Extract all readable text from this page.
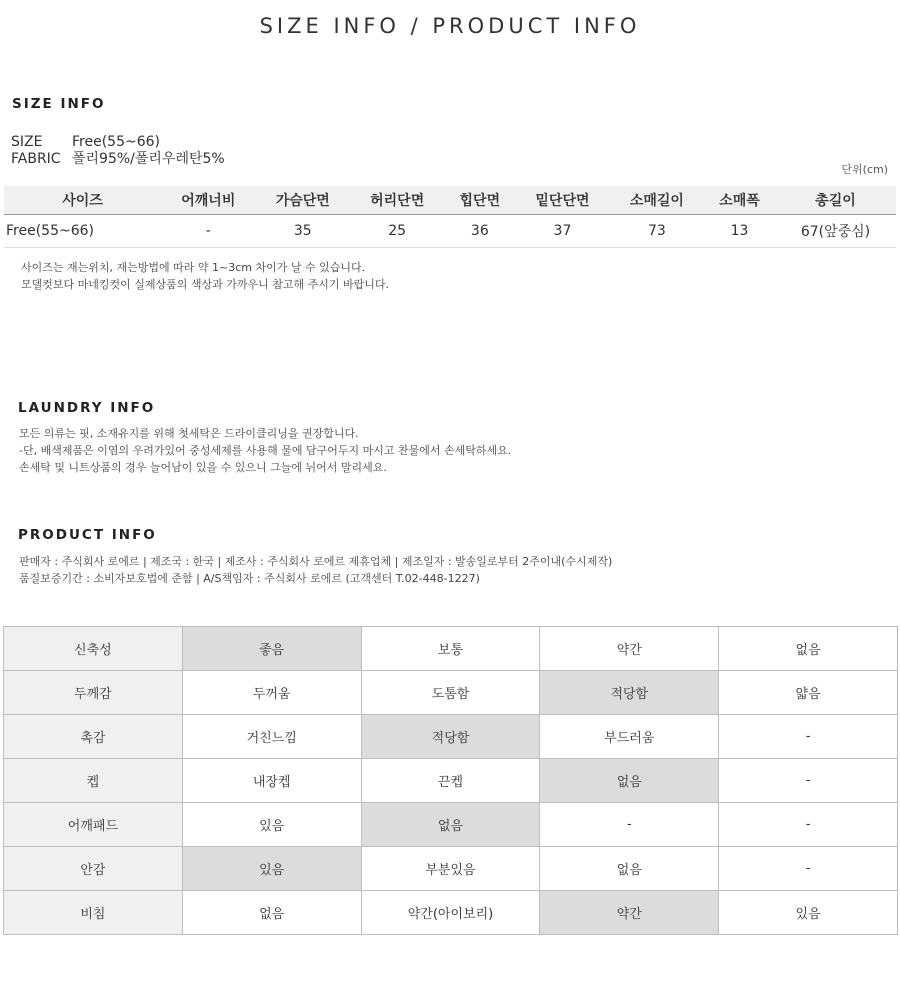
SIZE INFO / PRODUCT INFO
SIZE INFO
SIZE	Free(55~66)
FABRIC 폴리95%/폴리우레탄5%
단위(cm)
사이즈	어깨너비	가슴단면	허리단면	힙단면	밑단단면	소매길이	소매폭	총길이
Free(55~66)	-	35	25	36	37	73	13	67(앞중심)
사이즈는 재는위치, 재는방법에 따라 약 1~3cm 차이가 날 수 있습니다.
모델컷보다 마네킹컷이 실제상품의 색상과 가까우니 참고해 주시기 바랍니다.
LAUNDRY INFO
모든 의류는 핏, 소재유지를 위해 첫세탁은 드라이클리닝을 권장합니다.
-단, 배색제품은 이염의 우려가있어 중성세제를 사용해 물에 담구어두지 마시고 찬물에서 손세탁하세요.
손세탁 및 니트상품의 경우 늘어남이 있을 수 있으니 그늘에 뉘어서 말리세요.
PRODUCT INFO
판매자 : 주식회사 로에르 | 제조국 : 한국 | 제조사 : 주식회사 로에르 제휴업체 | 제조일자 : 발송일로부터 2주이내(수시제작)
품질보증기간 : 소비자보호법에 준함 | A/S책임자 : 주식회사 로에르 (고객센터 T.02-448-1227)
신축성	좋음	보통	약간	없음
두께감	두꺼움	도톰함	적당함	얇음
촉감	거친느낌	적당함	부드러움	-
켑	내장켑	끈켑	없음	-
어깨패드	있음	없음	-	-
안감	있음	부분있음	없음	-
비침	없음	약간(아이보리)	약간	있음
